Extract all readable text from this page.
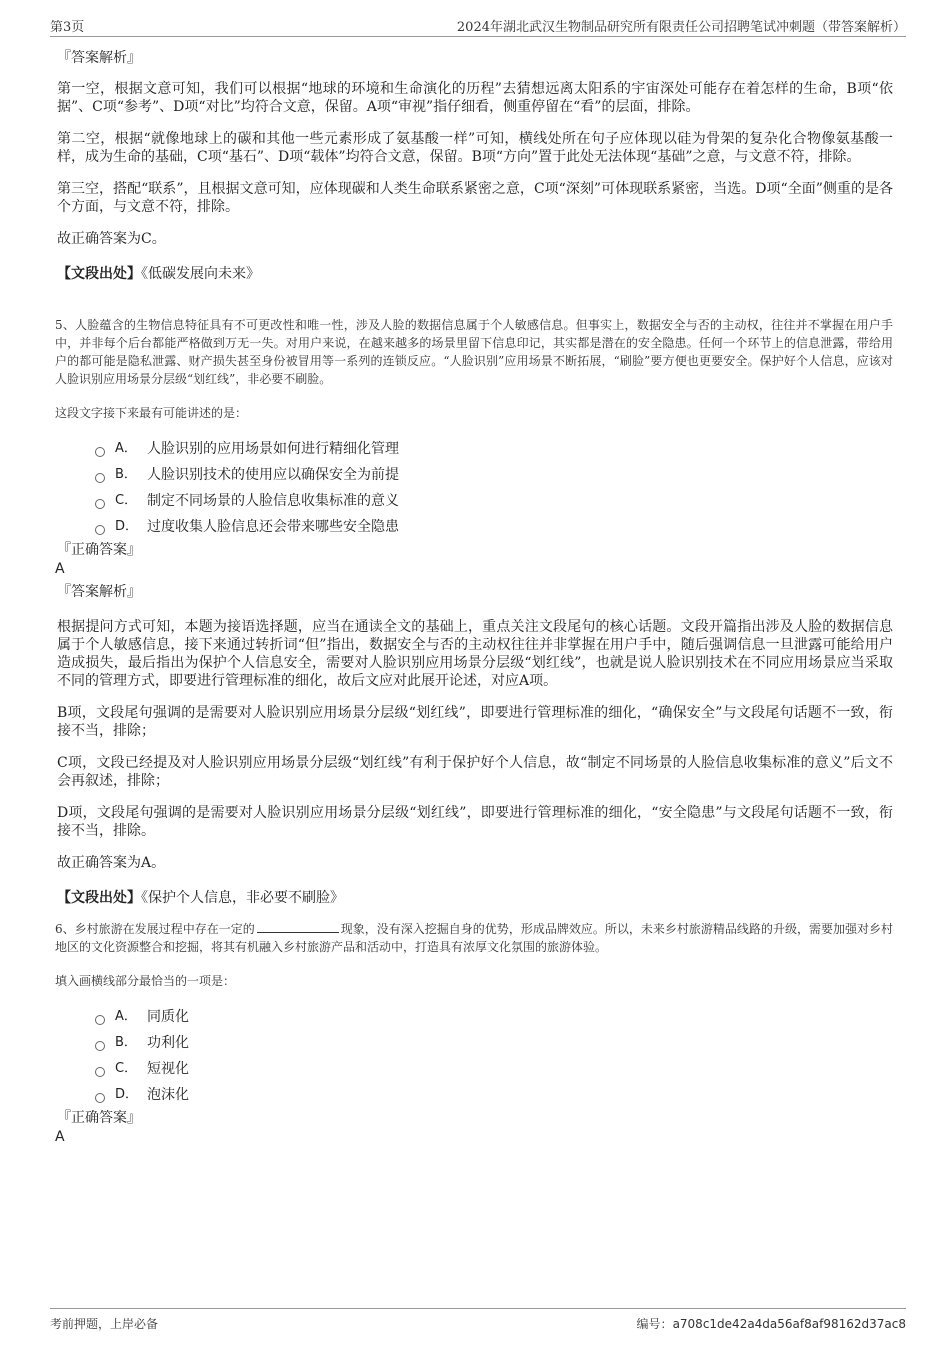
第3页	2024年湖北武汉生物制品研究所有限责任公司招聘笔试冲刺题（带答案解析）
『答案解析』

第一空，根据文意可知，我们可以根据“地球的环境和生命演化的历程”去猜想远离太阳系的宇宙深处可能存在着怎样的生命，B项“依据”、C项“参考”、D项“对比”均符合文意，保留。A项“审视”指仔细看，侧重停留在“看”的层面，排除。

第二空，根据“就像地球上的碳和其他一些元素形成了氨基酸一样”可知，横线处所在句子应体现以硅为骨架的复杂化合物像氨基酸一样，成为生命的基础，C项“基石”、D项“载体”均符合文意，保留。B项“方向”置于此处无法体现“基础”之意，与文意不符，排除。

第三空，搭配“联系”，且根据文意可知，应体现碳和人类生命联系紧密之意，C项“深刻”可体现联系紧密，当选。D项“全面”侧重的是各个方面，与文意不符，排除。

故正确答案为C。

【文段出处】《低碳发展向未来》
5、人脸蕴含的生物信息特征具有不可更改性和唯一性，涉及人脸的数据信息属于个人敏感信息。但事实上，数据安全与否的主动权，往往并不掌握在用户手中，并非每个后台都能严格做到万无一失。对用户来说，在越来越多的场景里留下信息印记，其实都是潜在的安全隐患。任何一个环节上的信息泄露，带给用户的都可能是隐私泄露、财产损失甚至身份被冒用等一系列的连锁反应。“人脸识别”应用场景不断拓展，“刷脸”要方便也更要安全。保护好个人信息，应该对人脸识别应用场景分层级“划红线”，非必要不刷脸。
这段文字接下来最有可能讲述的是：
A． 人脸识别的应用场景如何进行精细化管理
B． 人脸识别技术的使用应以确保安全为前提
C． 制定不同场景的人脸信息收集标准的意义
D． 过度收集人脸信息还会带来哪些安全隐患
『正确答案』
A
『答案解析』

根据提问方式可知，本题为接语选择题，应当在通读全文的基础上，重点关注文段尾句的核心话题。文段开篇指出涉及人脸的数据信息属于个人敏感信息，接下来通过转折词“但”指出，数据安全与否的主动权往往并非掌握在用户手中，随后强调信息一旦泄露可能给用户造成损失，最后指出为保护个人信息安全，需要对人脸识别应用场景分层级“划红线”，也就是说人脸识别技术在不同应用场景应当采取不同的管理方式，即要进行管理标准的细化，故后文应对此展开论述，对应A项。

B项，文段尾句强调的是需要对人脸识别应用场景分层级“划红线”，即要进行管理标准的细化，“确保安全”与文段尾句话题不一致，衔接不当，排除；

C项，文段已经提及对人脸识别应用场景分层级“划红线”有利于保护好个人信息，故“制定不同场景的人脸信息收集标准的意义”后文不会再叙述，排除；

D项，文段尾句强调的是需要对人脸识别应用场景分层级“划红线”，即要进行管理标准的细化，“安全隐患”与文段尾句话题不一致，衔接不当，排除。

故正确答案为A。

【文段出处】《保护个人信息，非必要不刷脸》
6、乡村旅游在发展过程中存在一定的	现象，没有深入挖掘自身的优势，形成品牌效应。所以，未来乡村旅游精品线路的升级，需要加强对乡村地区的文化资源整合和挖掘，将其有机融入乡村旅游产品和活动中，打造具有浓厚文化氛围的旅游体验。
填入画横线部分最恰当的一项是：
A． 同质化
B． 功利化
C． 短视化
D． 泡沫化
『正确答案』
A
考前押题，上岸必备	编号：a708c1de42a4da56af8af98162d37ac8
